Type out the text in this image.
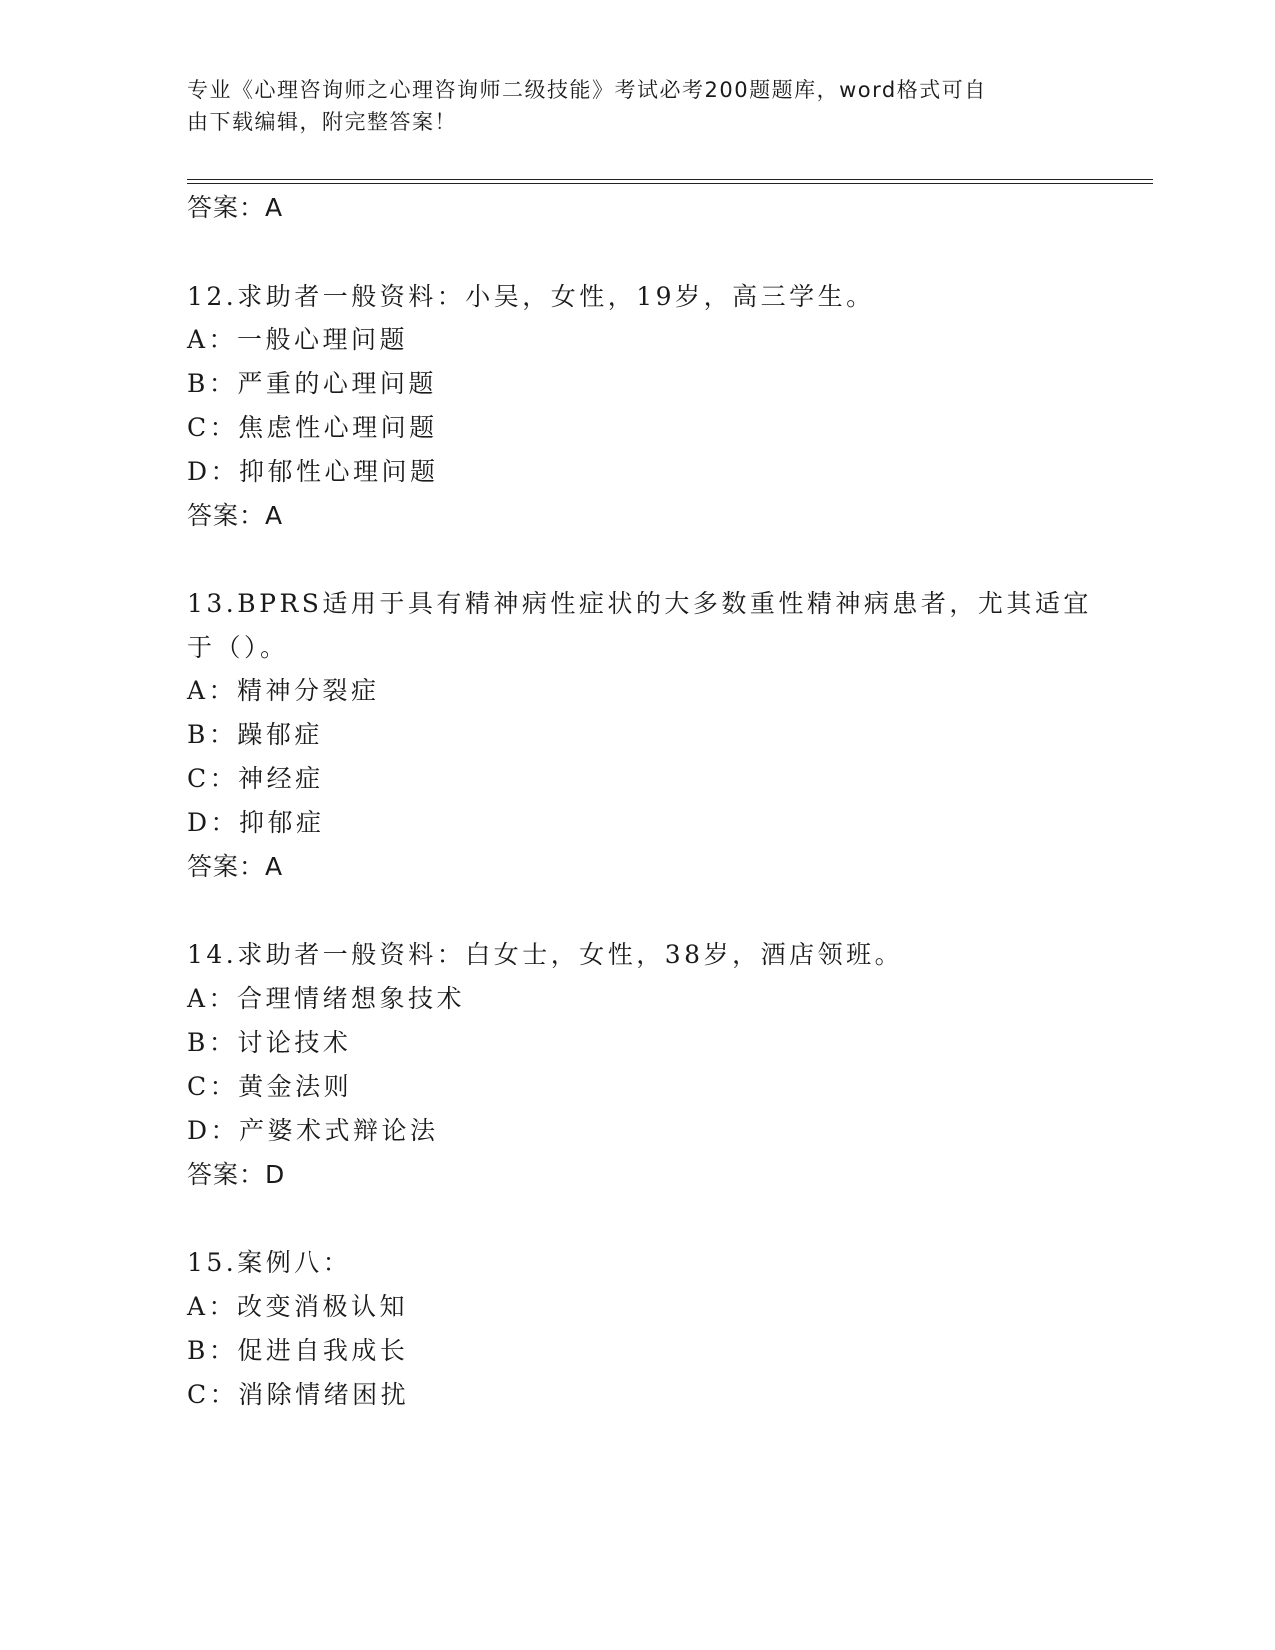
专业《心理咨询师之心理咨询师二级技能》考试必考200题题库，word格式可自
由下载编辑，附完整答案！

答案：A

12.求助者一般资料：小吴，女性，19岁，高三学生。

A：一般心理问题

B：严重的心理问题

C：焦虑性心理问题

D：抑郁性心理问题

答案：A

13.BPRS适用于具有精神病性症状的大多数重性精神病患者，尤其适宜

于（）。

A：精神分裂症

B：躁郁症

C：神经症

D：抑郁症

答案：A

14.求助者一般资料：白女士，女性，38岁，酒店领班。

A：合理情绪想象技术

B：讨论技术

C：黄金法则

D：产婆术式辩论法

答案：D

15.案例八：

A：改变消极认知

B：促进自我成长

C：消除情绪困扰
